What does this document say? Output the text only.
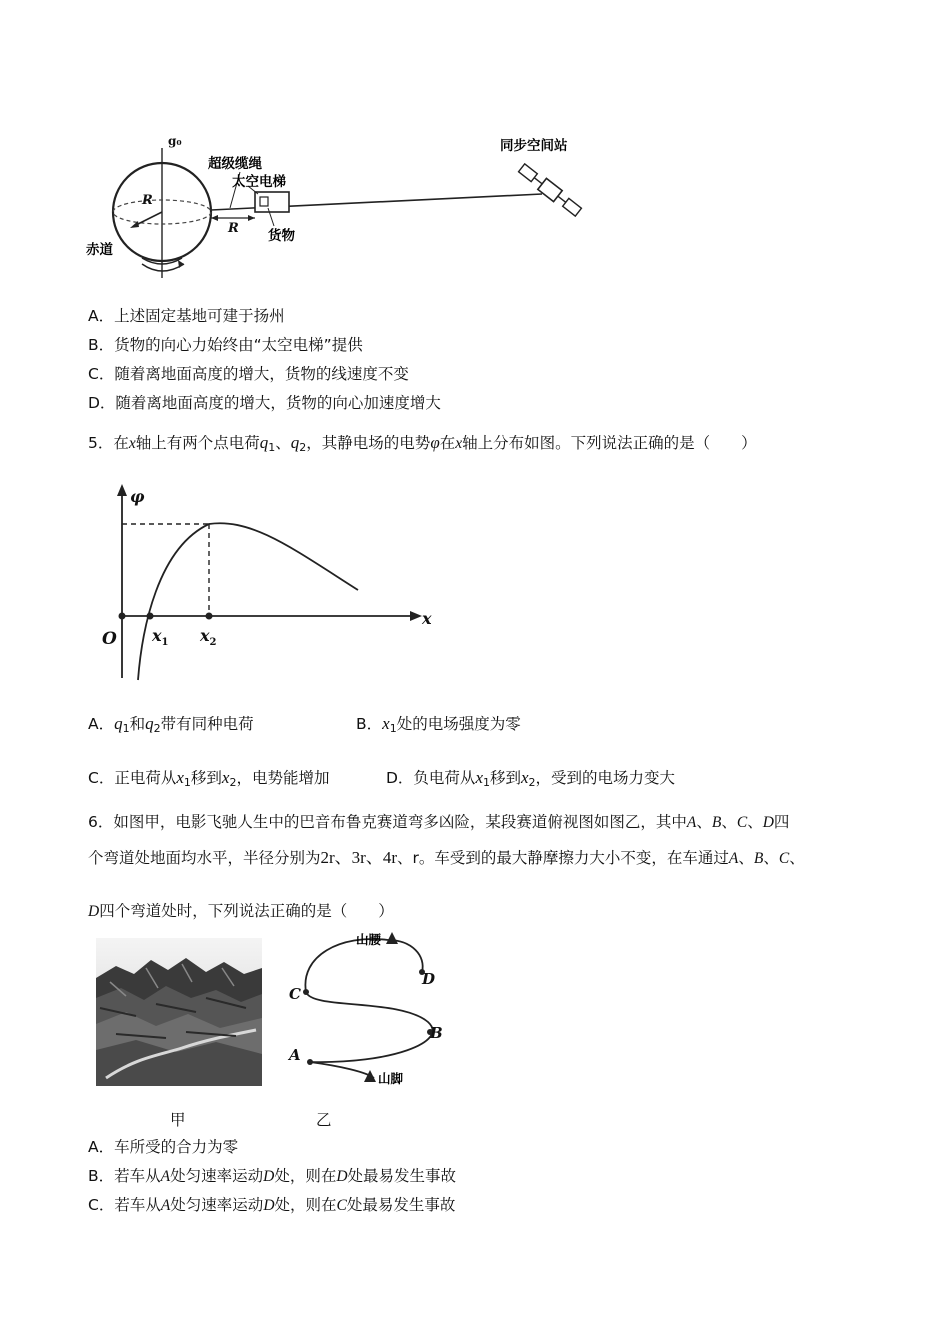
g₀
超级缆绳
太空电梯
同步空间站
R
R 货物
赤道
A．上述固定基地可建于扬州
B．货物的向心力始终由“太空电梯”提供
C．随着离地面高度的增大，货物的线速度不变
D．随着离地面高度的增大，货物的向心加速度增大
5．在x轴上有两个点电荷$q_1$、$q_2$，其静电场的电势φ在x轴上分布如图。下列说法正确的是（　　）
φ
x
O $x_1$ $x_2$
A．$q_1$和$q_2$带有同种电荷	B．$x_1$处的电场强度为零
C．正电荷从$x_1$移到$x_2$，电势能增加	D．负电荷从$x_1$移到$x_2$，受到的电场力变大
6．如图甲，电影飞驰人生中的巴音布鲁克赛道弯多凶险，某段赛道俯视图如图乙，其中A、B、C、D四
个弯道处地面均水平，半径分别为2r、3r、4r、r。车受到的最大静摩擦力大小不变，在车通过A、B、C、
D四个弯道处时，下列说法正确的是（　　）
山腰
山脚
D
C
B
A
甲	乙
A．车所受的合力为零
B．若车从A处匀速率运动D处，则在D处最易发生事故
C．若车从A处匀速率运动D处，则在C处最易发生事故
